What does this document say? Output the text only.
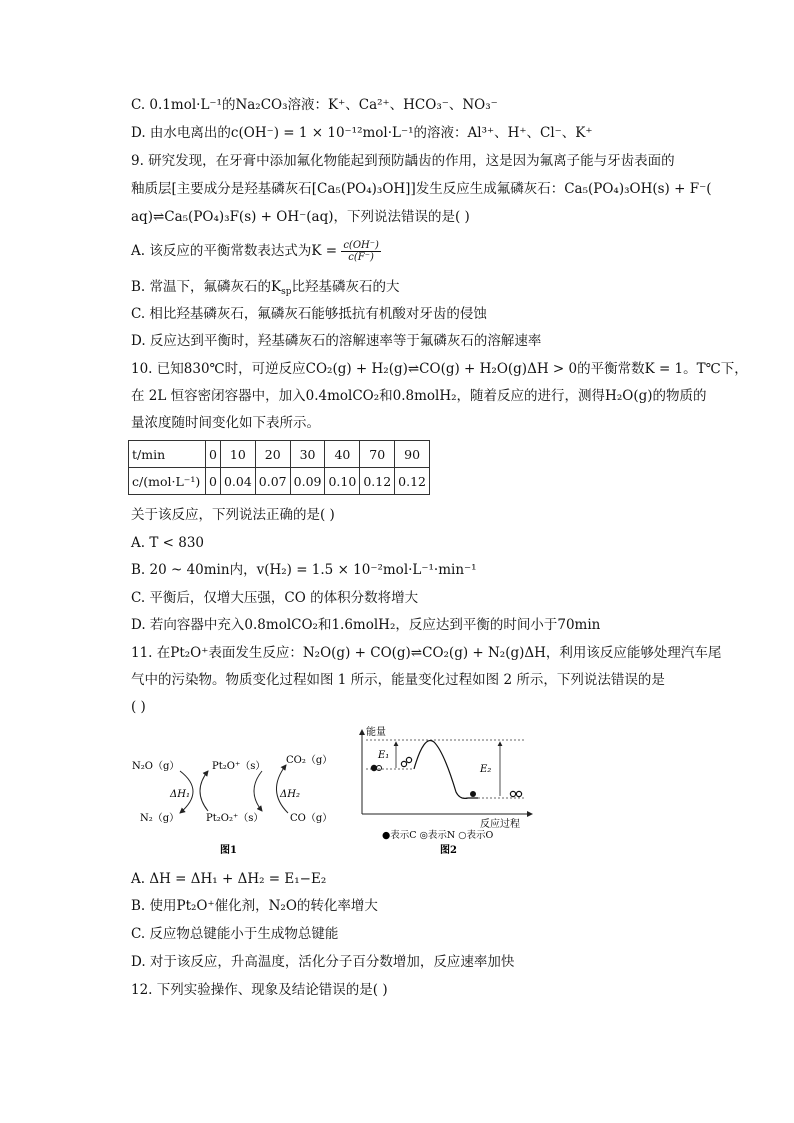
C. 0.1mol·L⁻¹的Na₂CO₃溶液：K⁺、Ca²⁺、HCO₃⁻、NO₃⁻
D. 由水电离出的c(OH⁻) = 1 × 10⁻¹²mol·L⁻¹的溶液：Al³⁺、H⁺、Cl⁻、K⁺
9. 研究发现，在牙膏中添加氟化物能起到预防龋齿的作用，这是因为氟离子能与牙齿表面的
釉质层[主要成分是羟基磷灰石[Ca₅(PO₄)₃OH]]发生反应生成氟磷灰石：Ca₅(PO₄)₃OH(s) + F⁻(
aq)⇌Ca₅(PO₄)₃F(s) + OH⁻(aq)，下列说法错误的是( )
A. 该反应的平衡常数表达式为$K = \frac{c(OH^-)}{c(F^-)}$
B. 常温下，氟磷灰石的$K_{sp}$比羟基磷灰石的大
C. 相比羟基磷灰石，氟磷灰石能够抵抗有机酸对牙齿的侵蚀
D. 反应达到平衡时，羟基磷灰石的溶解速率等于氟磷灰石的溶解速率
10. 已知830℃时，可逆反应CO₂(g) + H₂(g)⇌CO(g) + H₂O(g)ΔH > 0的平衡常数K = 1。T℃下，
在 2L 恒容密闭容器中，加入0.4molCO₂和0.8molH₂，随着反应的进行，测得H₂O(g)的物质的
量浓度随时间变化如下表所示。
t/min	0	10	20	30	40	70	90
c/(mol·L⁻¹)	0	0.04	0.07	0.09	0.10	0.12	0.12
关于该反应，下列说法正确的是( )
A. T < 830
B. 20 ~ 40min内，v(H₂) = 1.5 × 10⁻²mol·L⁻¹·min⁻¹
C. 平衡后，仅增大压强，CO 的体积分数将增大
D. 若向容器中充入0.8molCO₂和1.6molH₂，反应达到平衡的时间小于70min
11. 在Pt₂O⁺表面发生反应：N₂O(g) + CO(g)⇌CO₂(g) + N₂(g)ΔH，利用该反应能够处理汽车尾
气中的污染物。物质变化过程如图 1 所示，能量变化过程如图 2 所示，下列说法错误的是
( )
N₂O（g）	Pt₂O⁺（s）
CO₂（g）
N₂（g）	Pt₂O₂⁺（s）	CO（g）
ΔH₁	ΔH₂
图1
能量
反应过程
E₁
E₂
●表示C ◎表示N ○表示O
图2
A. ΔH = ΔH₁ + ΔH₂ = E₁−E₂
B. 使用Pt₂O⁺催化剂，N₂O的转化率增大
C. 反应物总键能小于生成物总键能
D. 对于该反应，升高温度，活化分子百分数增加，反应速率加快
12. 下列实验操作、现象及结论错误的是( )
